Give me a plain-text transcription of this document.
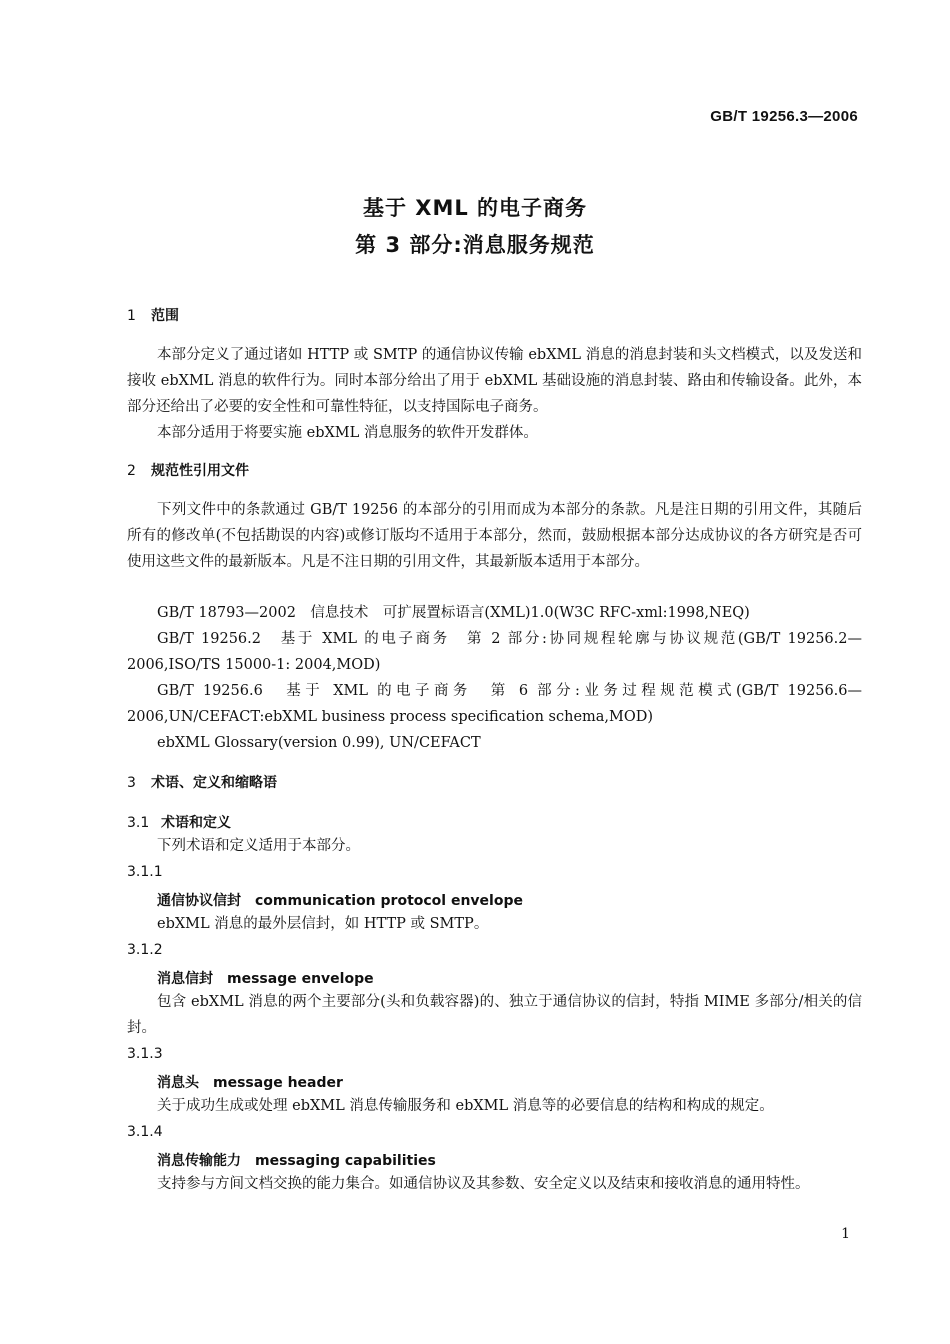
GB/T 19256.3—2006
基于 XML 的电子商务
第 3 部分:消息服务规范
1 范围
本部分定义了通过诸如 HTTP 或 SMTP 的通信协议传输 ebXML 消息的消息封装和头文档模式，以及发送和接收 ebXML 消息的软件行为。同时本部分给出了用于 ebXML 基础设施的消息封装、路由和传输设备。此外，本部分还给出了必要的安全性和可靠性特征，以支持国际电子商务。
本部分适用于将要实施 ebXML 消息服务的软件开发群体。
2 规范性引用文件
下列文件中的条款通过 GB/T 19256 的本部分的引用而成为本部分的条款。凡是注日期的引用文件，其随后所有的修改单(不包括勘误的内容)或修订版均不适用于本部分，然而，鼓励根据本部分达成协议的各方研究是否可使用这些文件的最新版本。凡是不注日期的引用文件，其最新版本适用于本部分。
GB/T 18793—2002　信息技术　可扩展置标语言(XML)1.0(W3C RFC-xml:1998,NEQ)
GB/T 19256.2　基于 XML 的电子商务　第 2 部分:协同规程轮廓与协议规范(GB/T 19256.2—2006,ISO/TS 15000-1: 2004,MOD)
GB/T 19256.6　基于 XML 的电子商务　第 6 部分:业务过程规范模式(GB/T 19256.6—2006,UN/CEFACT:ebXML business process specification schema,MOD)
ebXML Glossary(version 0.99), UN/CEFACT
3 术语、定义和缩略语
3.1 术语和定义
下列术语和定义适用于本部分。
3.1.1
通信协议信封 communication protocol envelope
ebXML 消息的最外层信封，如 HTTP 或 SMTP。
3.1.2
消息信封 message envelope
包含 ebXML 消息的两个主要部分(头和负载容器)的、独立于通信协议的信封，特指 MIME 多部分/相关的信封。
3.1.3
消息头 message header
关于成功生成或处理 ebXML 消息传输服务和 ebXML 消息等的必要信息的结构和构成的规定。
3.1.4
消息传输能力 messaging capabilities
支持参与方间文档交换的能力集合。如通信协议及其参数、安全定义以及结束和接收消息的通用特性。
1
